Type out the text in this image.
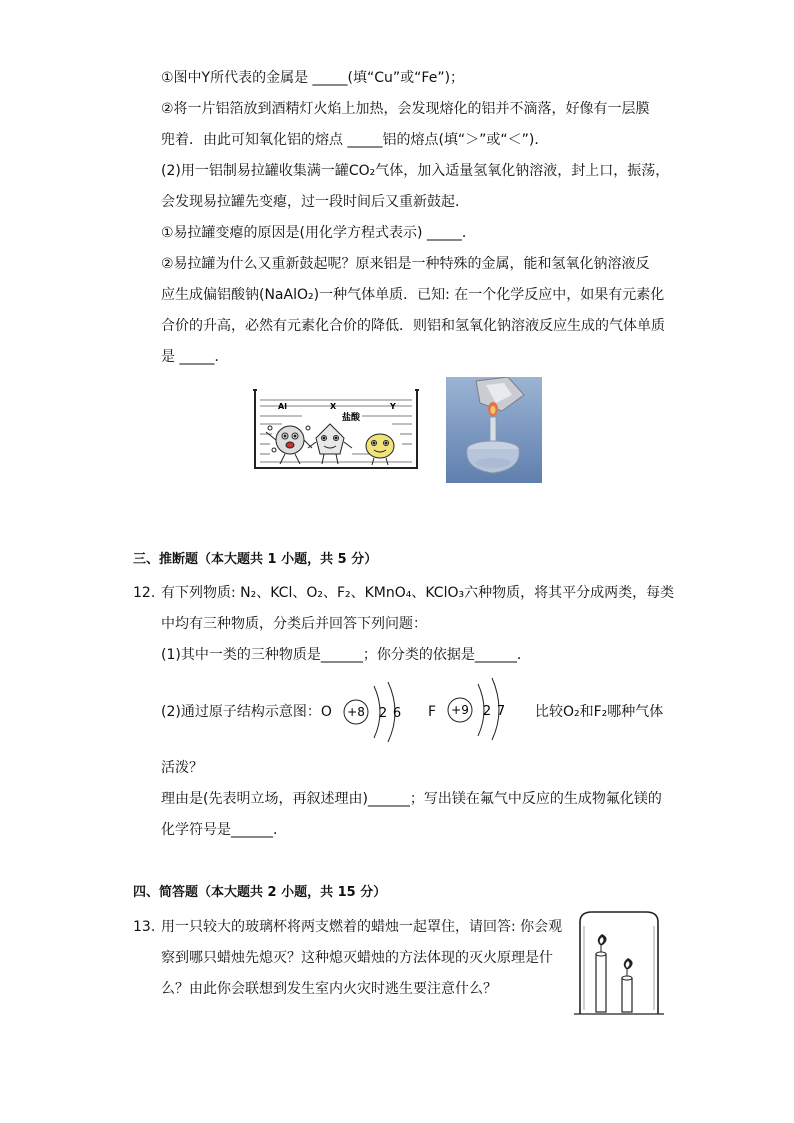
①图中Y所代表的金属是 _____(填“Cu”或“Fe”)；
②将一片铝箔放到酒精灯火焰上加热，会发现熔化的铝并不滴落，好像有一层膜
兜着．由此可知氧化铝的熔点 _____铝的熔点(填“＞”或“＜”)．
(2)用一铝制易拉罐收集满一罐CO₂气体，加入适量氢氧化钠溶液，封上口，振荡，
会发现易拉罐先变瘪，过一段时间后又重新鼓起．
①易拉罐变瘪的原因是(用化学方程式表示) _____．
②易拉罐为什么又重新鼓起呢？原来铝是一种特殊的金属，能和氢氧化钠溶液反
应生成偏铝酸钠(NaAlO₂)一种气体单质．已知: 在一个化学反应中，如果有元素化
合价的升高，必然有元素化合价的降低．则铝和氢氧化钠溶液反应生成的气体单质
是 _____．
Al	X	Y
盐酸
三、推断题（本大题共 1 小题，共 5 分）
12. 有下列物质: N₂、KCl、O₂、F₂、KMnO₄、KClO₃六种物质，将其平分成两类，每类
中均有三种物质，分类后并回答下列问题：
(1)其中一类的三种物质是______；你分类的依据是______．
(2)通过原子结构示意图：O +8 2 6 F +9 2 7 比较O₂和F₂哪种气体
活泼？
理由是(先表明立场，再叙述理由)______；写出镁在氟气中反应的生成物氟化镁的
化学符号是______．
四、简答题（本大题共 2 小题，共 15 分）
13. 用一只较大的玻璃杯将两支燃着的蜡烛一起罩住，请回答: 你会观
察到哪只蜡烛先熄灭？这种熄灭蜡烛的方法体现的灭火原理是什
么？由此你会联想到发生室内火灾时逃生要注意什么？
